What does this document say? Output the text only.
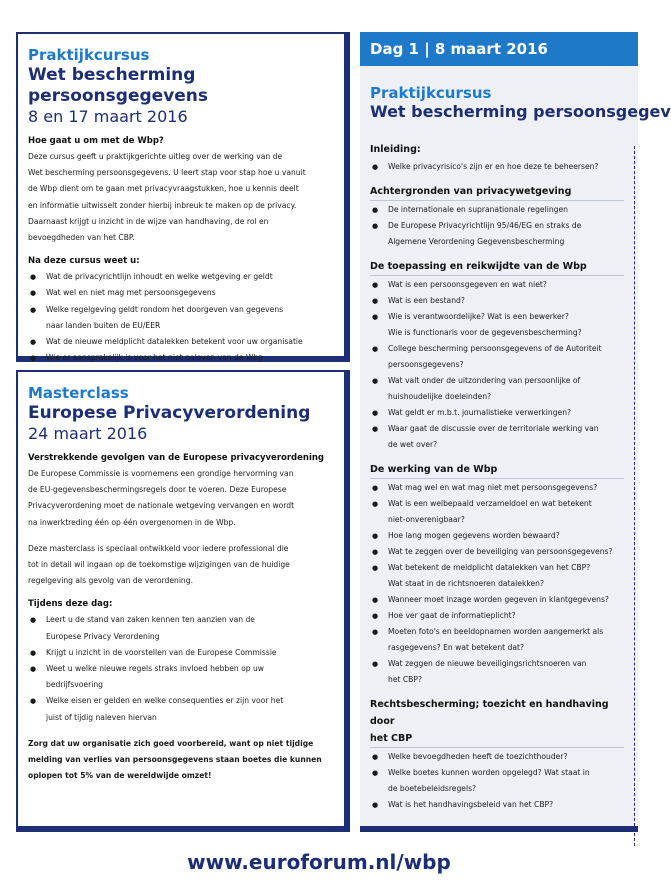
Praktijkcursus
Wet bescherming persoonsgegevens
8 en 17 maart 2016
Hoe gaat u om met de Wbp?
Deze cursus geeft u praktijkgerichte uitleg over de werking van de
Wet bescherming persoonsgegevens. U leert stap voor stap hoe u vanuit
de Wbp dient om te gaan met privacyvraagstukken, hoe u kennis deelt
en informatie uitwisselt zonder hierbij inbreuk te maken op de privacy.
Daarnaast krijgt u inzicht in de wijze van handhaving, de rol en
bevoegdheden van het CBP.
Na deze cursus weet u:
● Wat de privacyrichtlijn inhoudt en welke wetgeving er geldt
● Wat wel en niet mag met persoonsgegevens
● Welke regelgeving geldt rondom het doorgeven van gegevens
naar landen buiten de EU/EER
● Wat de nieuwe meldplicht datalekken betekent voor uw organisatie
● Wie er aansprakelijk is voor het niet naleven van de Wbp
Masterclass
Europese Privacyverordening
24 maart 2016
Verstrekkende gevolgen van de Europese privacyverordening
De Europese Commissie is voornemens een grondige hervorming van
de EU-gegevensbeschermingsregels door te voeren. Deze Europese
Privacyverordening moet de nationale wetgeving vervangen en wordt
na inwerktreding één op één overgenomen in de Wbp.
Deze masterclass is speciaal ontwikkeld voor iedere professional die
tot in detail wil ingaan op de toekomstige wijzigingen van de huidige
regelgeving als gevolg van de verordening.
Tijdens deze dag:
● Leert u de stand van zaken kennen ten aanzien van de
Europese Privacy Verordening
● Krijgt u inzicht in de voorstellen van de Europese Commissie
● Weet u welke nieuwe regels straks invloed hebben op uw
bedrijfsvoering
● Welke eisen er gelden en welke consequenties er zijn voor het
juist of tijdig naleven hiervan
Zorg dat uw organisatie zich goed voorbereid, want op niet tijdige
melding van verlies van persoonsgegevens staan boetes die kunnen
oplopen tot 5% van de wereldwijde omzet!
Dag 1 | 8 maart 2016
Praktijkcursus
Wet bescherming persoonsgegev
Inleiding:
● Welke privacyrisico's zijn er en hoe deze te beheersen?
Achtergronden van privacywetgeving
● De internationale en supranationale regelingen
● De Europese Privacyrichtlijn 95/46/EG en straks de
Algemene Verordening Gegevensbescherming
De toepassing en reikwijdte van de Wbp
● Wat is een persoonsgegeven en wat niet?
● Wat is een bestand?
● Wie is verantwoordelijke? Wat is een bewerker?
Wie is functionaris voor de gegevensbescherming?
● College bescherming persoonsgegevens of de Autoriteit
persoonsgegevens?
● Wat valt onder de uitzondering van persoonlijke of
huishoudelijke doeleinden?
● Wat geldt er m.b.t. journalistieke verwerkingen?
● Waar gaat de discussie over de territoriale werking van
de wet over?
De werking van de Wbp
● Wat mag wel en wat mag niet met persoonsgegevens?
● Wat is een welbepaald verzameldoel en wat betekent
niet-onverenigbaar?
● Hoe lang mogen gegevens worden bewaard?
● Wat te zeggen over de beveiliging van persoonsgegevens?
● Wat betekent de meldplicht datalekken van het CBP?
Wat staat in de richtsnoeren datalekken?
● Wanneer moet inzage worden gegeven in klantgegevens?
● Hoe ver gaat de informatieplicht?
● Moeten foto's en beeldopnamen worden aangemerkt als
rasgegevens? En wat betekent dat?
● Wat zeggen de nieuwe beveiligingsrichtsnoeren van
het CBP?
Rechtsbescherming; toezicht en handhaving door
het CBP
● Welke bevoegdheden heeft de toezichthouder?
● Welke boetes kunnen worden opgelegd? Wat staat in
de boetebeleidsregels?
● Wat is het handhavingsbeleid van het CBP?
www.euroforum.nl/wbp
